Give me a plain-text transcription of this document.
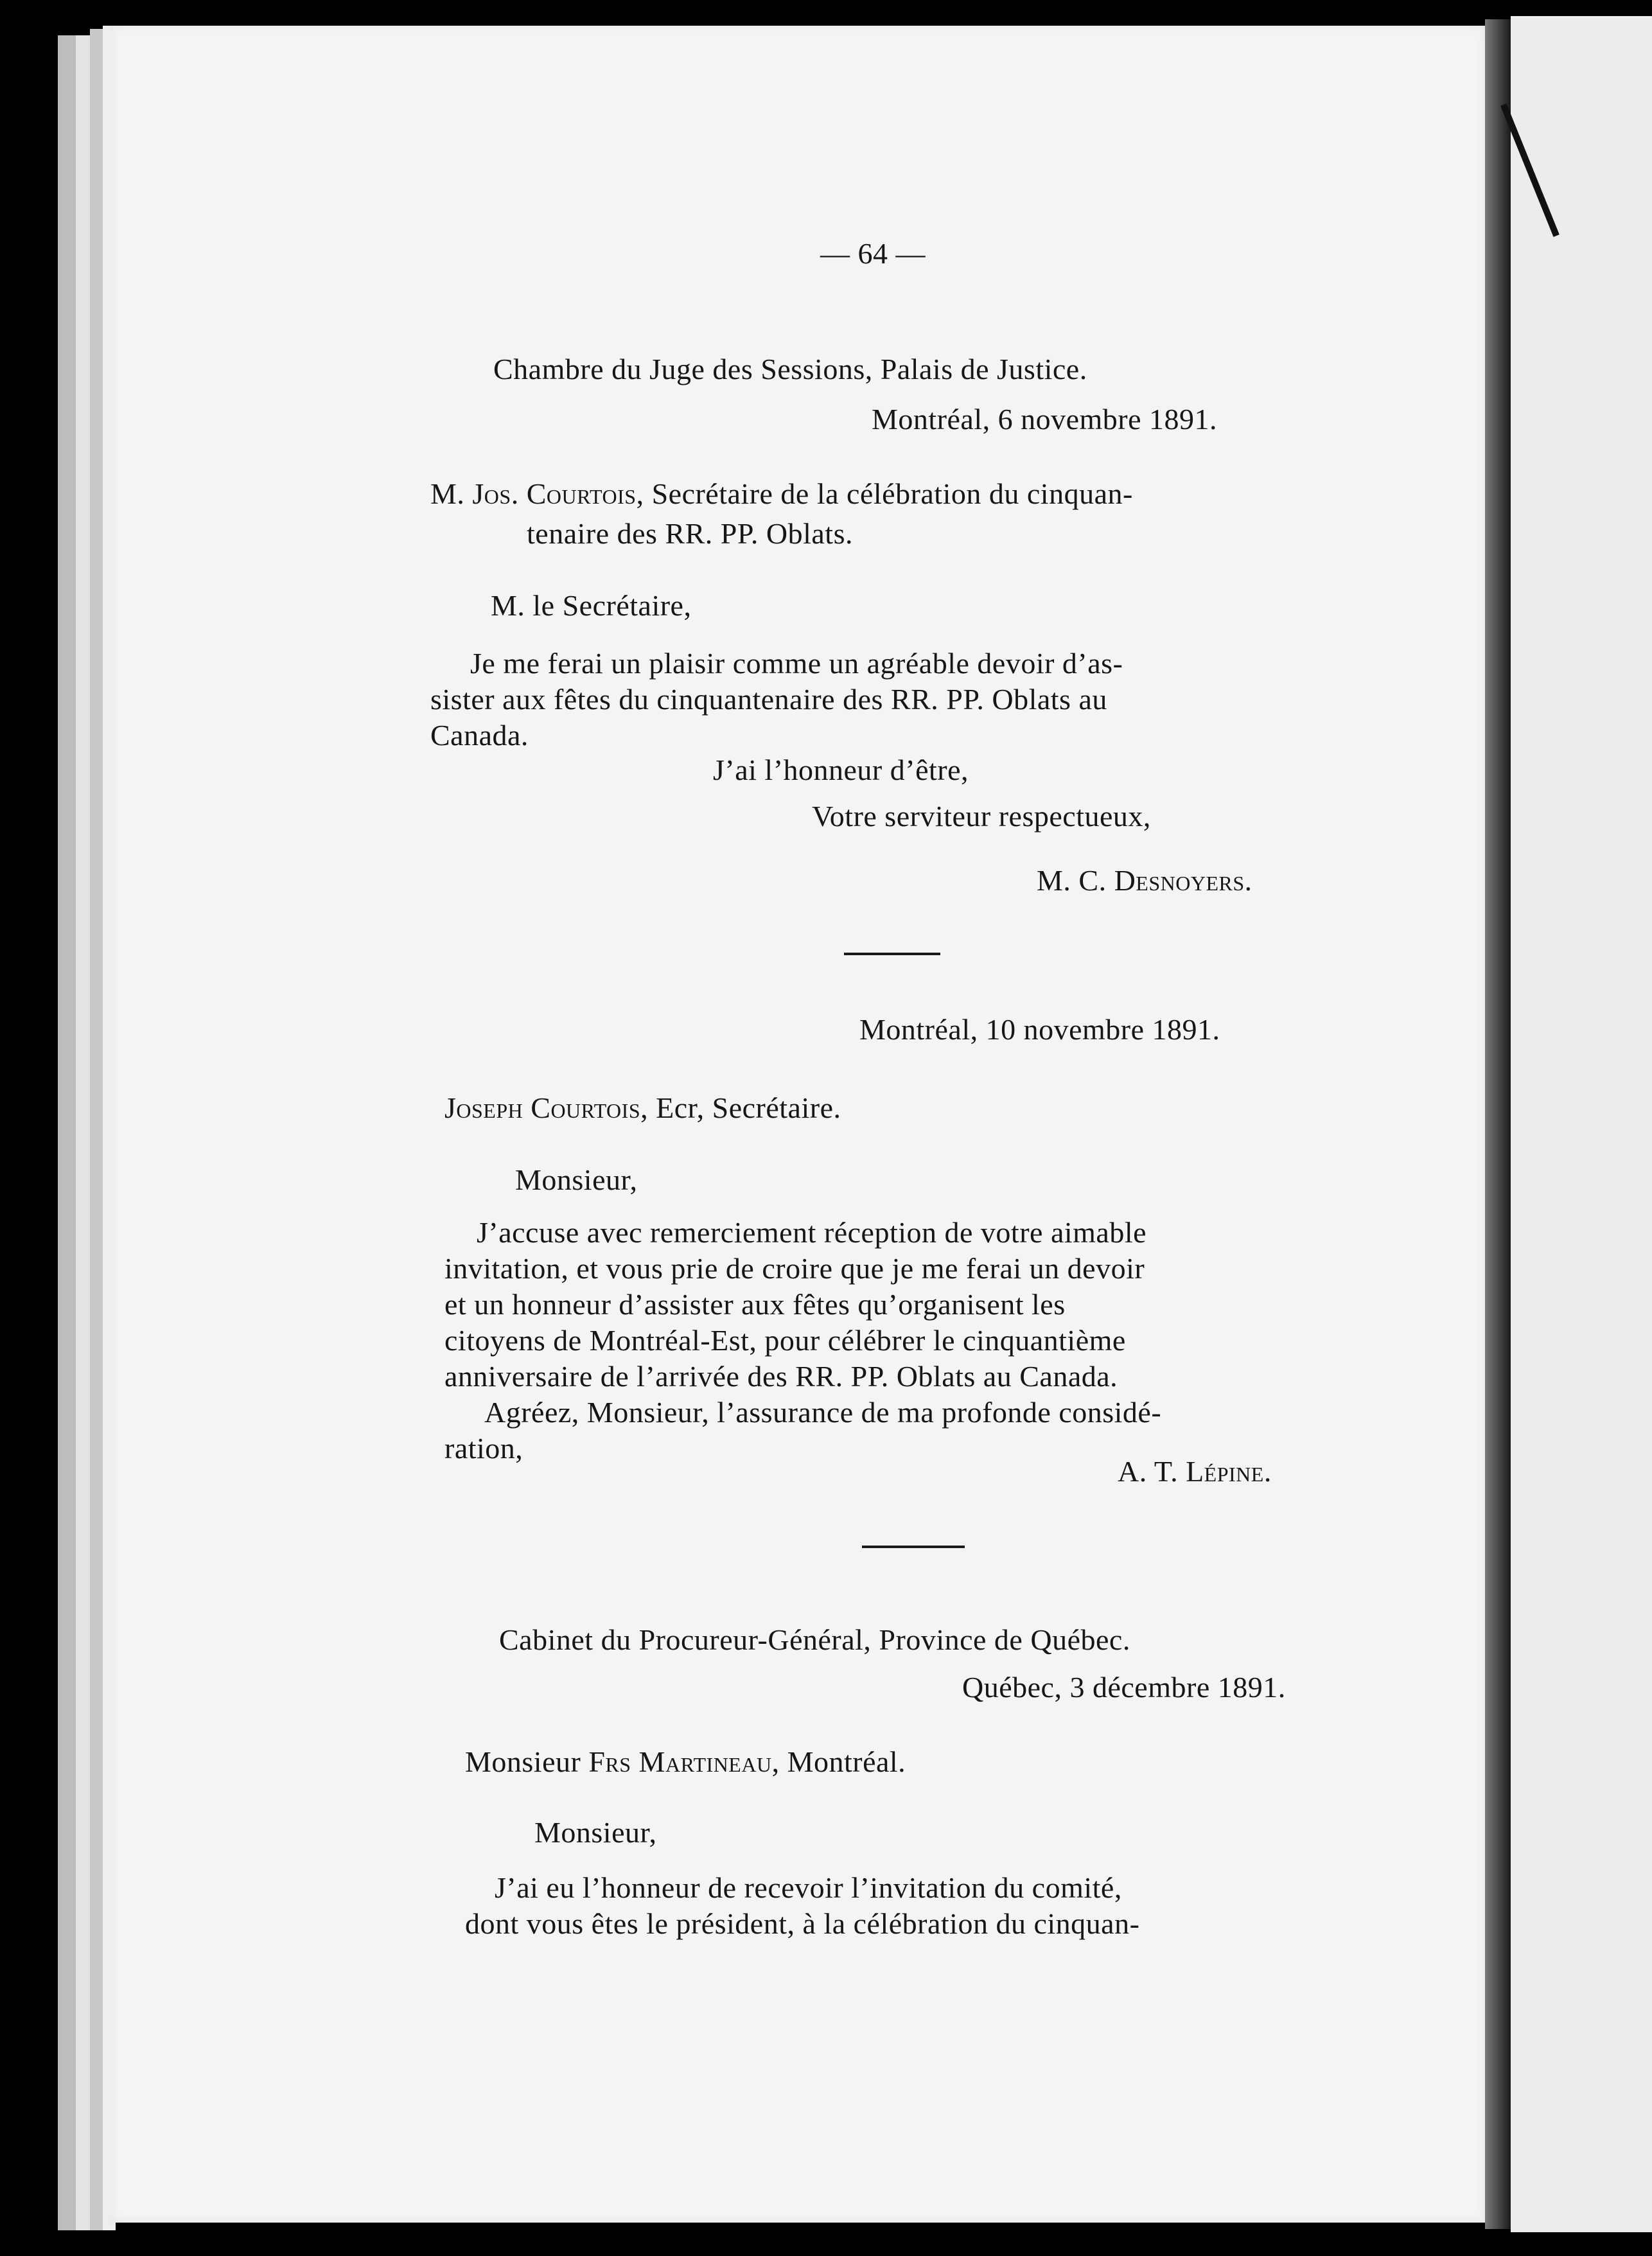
— 64 —
Chambre du Juge des Sessions, Palais de Justice.
Montréal, 6 novembre 1891.
M. Jos. Courtois, Secrétaire de la célébration du cinquan-
tenaire des RR. PP. Oblats.
M. le Secrétaire,
Je me ferai un plaisir comme un agréable devoir d’as-
sister aux fêtes du cinquantenaire des RR. PP. Oblats au
Canada.
J’ai l’honneur d’être,
Votre serviteur respectueux,
M. C. Desnoyers.
Montréal, 10 novembre 1891.
Joseph Courtois, Ecr, Secrétaire.
Monsieur,
J’accuse avec remerciement réception de votre aimable
invitation, et vous prie de croire que je me ferai un devoir
et un honneur d’assister aux fêtes qu’organisent les
citoyens de Montréal-Est, pour célébrer le cinquantième
anniversaire de l’arrivée des RR. PP. Oblats au Canada.
Agréez, Monsieur, l’assurance de ma profonde considé-
ration,
A. T. Lépine.
Cabinet du Procureur-Général, Province de Québec.
Québec, 3 décembre 1891.
Monsieur Frs Martineau, Montréal.
Monsieur,
J’ai eu l’honneur de recevoir l’invitation du comité,
dont vous êtes le président, à la célébration du cinquan-
